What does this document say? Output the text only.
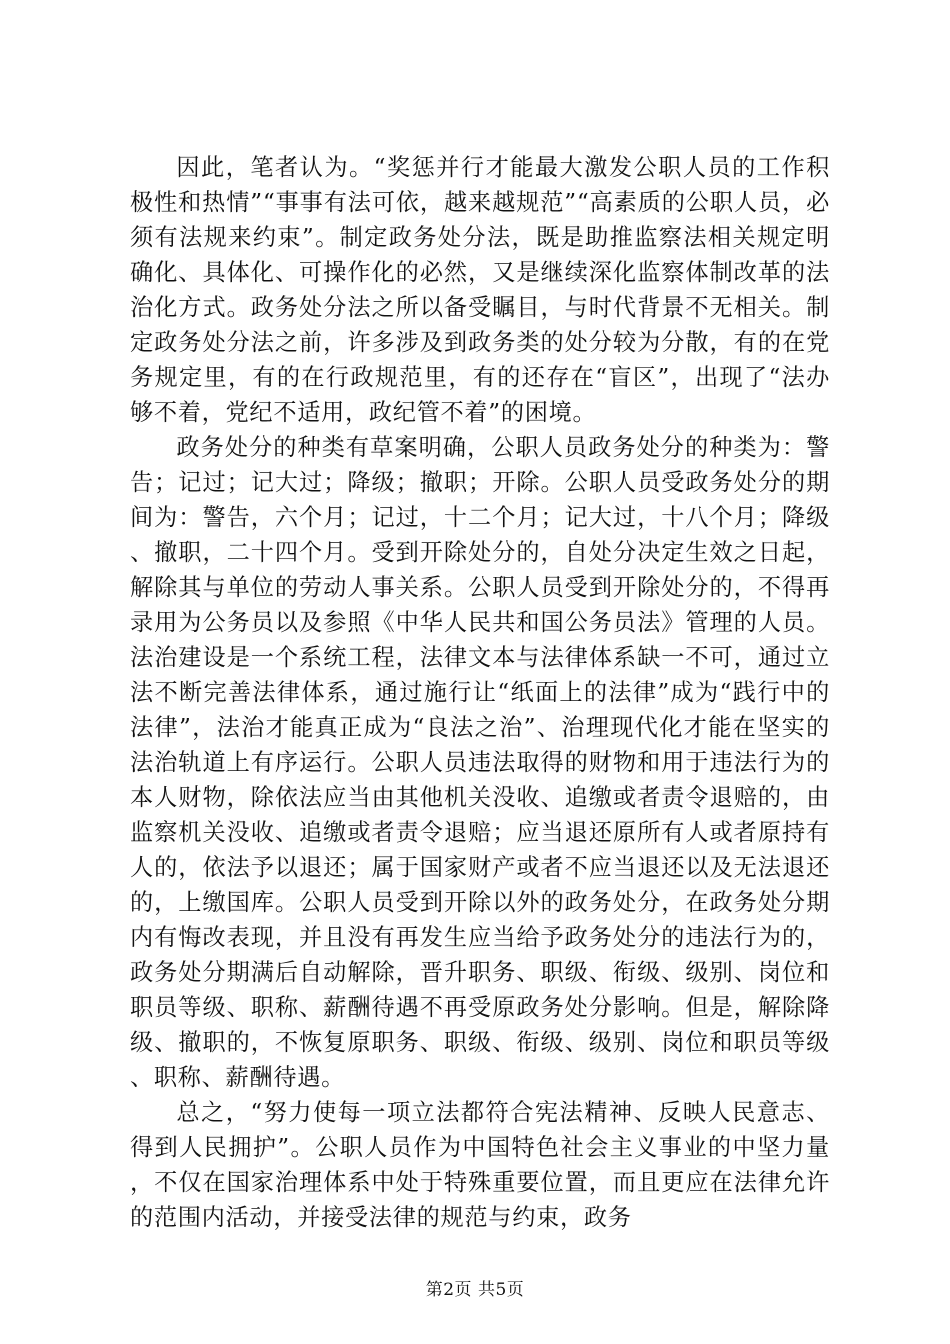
因此，笔者认为。“奖惩并行才能最大激发公职人员的工作积极性和热情”“事事有法可依，越来越规范”“高素质的公职人员，必须有法规来约束”。制定政务处分法，既是助推监察法相关规定明确化、具体化、可操作化的必然，又是继续深化监察体制改革的法治化方式。政务处分法之所以备受瞩目，与时代背景不无相关。制定政务处分法之前，许多涉及到政务类的处分较为分散，有的在党务规定里，有的在行政规范里，有的还存在“盲区”，出现了“法办够不着，党纪不适用，政纪管不着”的困境。

政务处分的种类有草案明确，公职人员政务处分的种类为：警告；记过；记大过；降级；撤职；开除。公职人员受政务处分的期间为：警告，六个月；记过，十二个月；记大过，十八个月；降级、撤职，二十四个月。受到开除处分的，自处分决定生效之日起，解除其与单位的劳动人事关系。公职人员受到开除处分的，不得再录用为公务员以及参照《中华人民共和国公务员法》管理的人员。法治建设是一个系统工程，法律文本与法律体系缺一不可，通过立法不断完善法律体系，通过施行让“纸面上的法律”成为“践行中的法律”，法治才能真正成为“良法之治”、治理现代化才能在坚实的法治轨道上有序运行。公职人员违法取得的财物和用于违法行为的本人财物，除依法应当由其他机关没收、追缴或者责令退赔的，由监察机关没收、追缴或者责令退赔；应当退还原所有人或者原持有人的，依法予以退还；属于国家财产或者不应当退还以及无法退还的，上缴国库。公职人员受到开除以外的政务处分，在政务处分期内有悔改表现，并且没有再发生应当给予政务处分的违法行为的，政务处分期满后自动解除，晋升职务、职级、衔级、级别、岗位和职员等级、职称、薪酬待遇不再受原政务处分影响。但是，解除降级、撤职的，不恢复原职务、职级、衔级、级别、岗位和职员等级、职称、薪酬待遇。

总之，“努力使每一项立法都符合宪法精神、反映人民意志、得到人民拥护”。公职人员作为中国特色社会主义事业的中坚力量，不仅在国家治理体系中处于特殊重要位置，而且更应在法律允许的范围内活动，并接受法律的规范与约束，政务

第2页 共5页
